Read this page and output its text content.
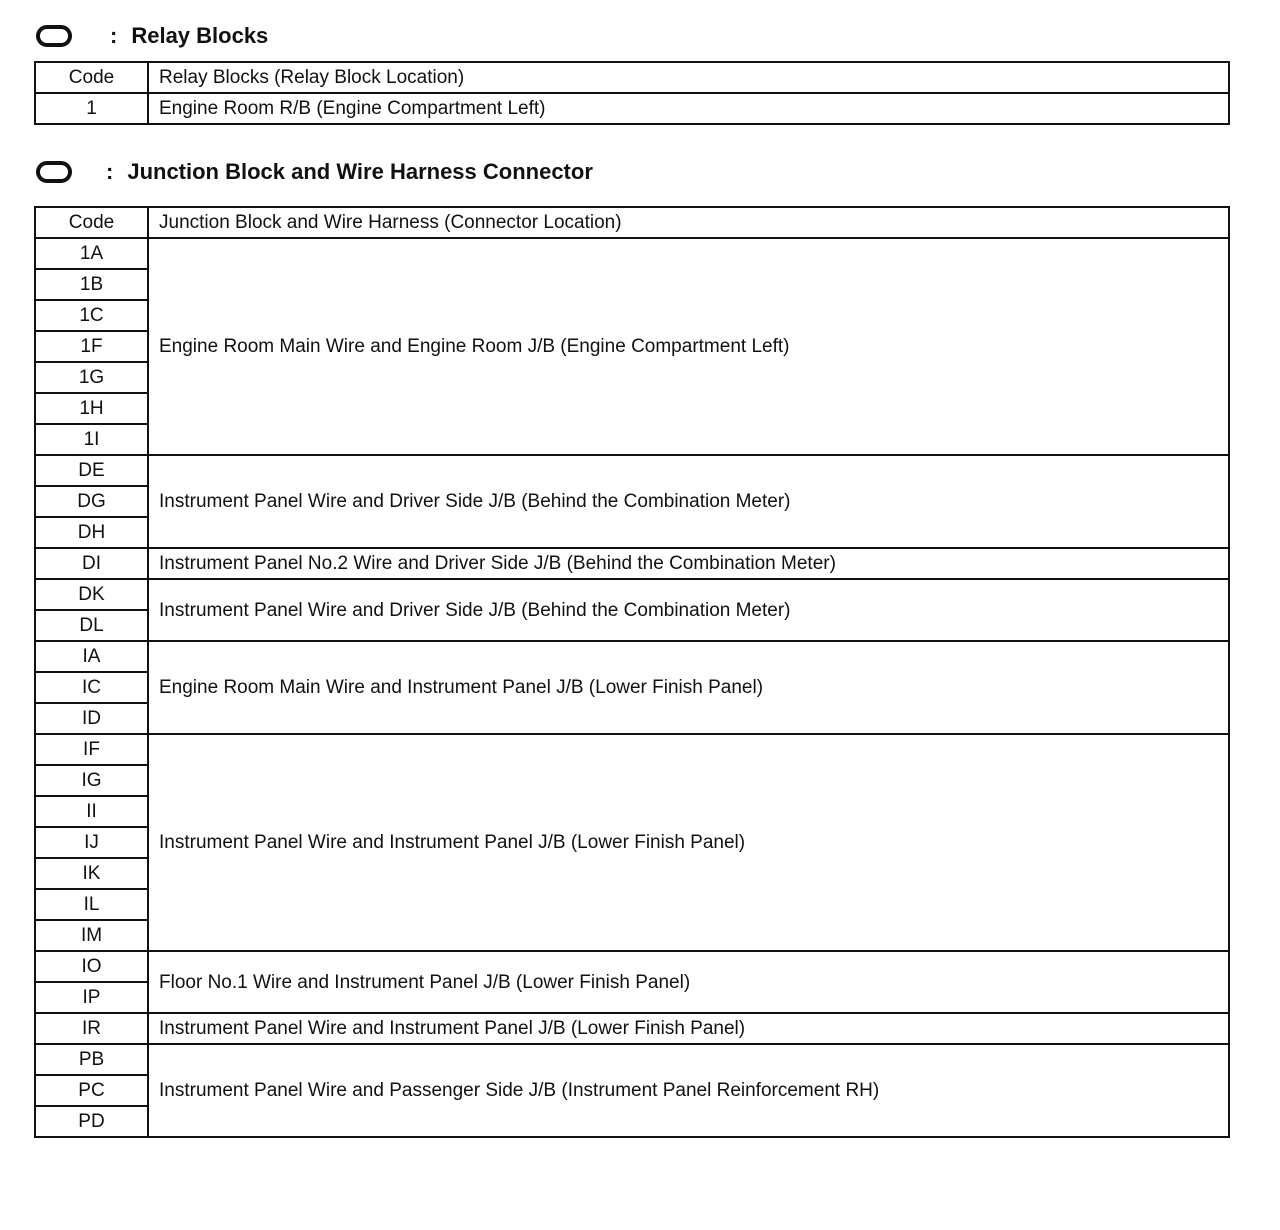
: Relay Blocks
Code	Relay Blocks (Relay Block Location)
1	Engine Room R/B (Engine Compartment Left)
: Junction Block and Wire Harness Connector
Code	Junction Block and Wire Harness (Connector Location)
1A	Engine Room Main Wire and Engine Room J/B (Engine Compartment Left)
1B	
1C	
1F	
1G	
1H	
1I	
DE	Instrument Panel Wire and Driver Side J/B (Behind the Combination Meter)
DG	
DH	
DI	Instrument Panel No.2 Wire and Driver Side J/B (Behind the Combination Meter)
DK	Instrument Panel Wire and Driver Side J/B (Behind the Combination Meter)
DL	
IA	Engine Room Main Wire and Instrument Panel J/B (Lower Finish Panel)
IC	
ID	
IF	Instrument Panel Wire and Instrument Panel J/B (Lower Finish Panel)
IG	
II	
IJ	
IK	
IL	
IM	
IO	Floor No.1 Wire and Instrument Panel J/B (Lower Finish Panel)
IP	
IR	Instrument Panel Wire and Instrument Panel J/B (Lower Finish Panel)
PB	Instrument Panel Wire and Passenger Side J/B (Instrument Panel Reinforcement RH)
PC	
PD	
